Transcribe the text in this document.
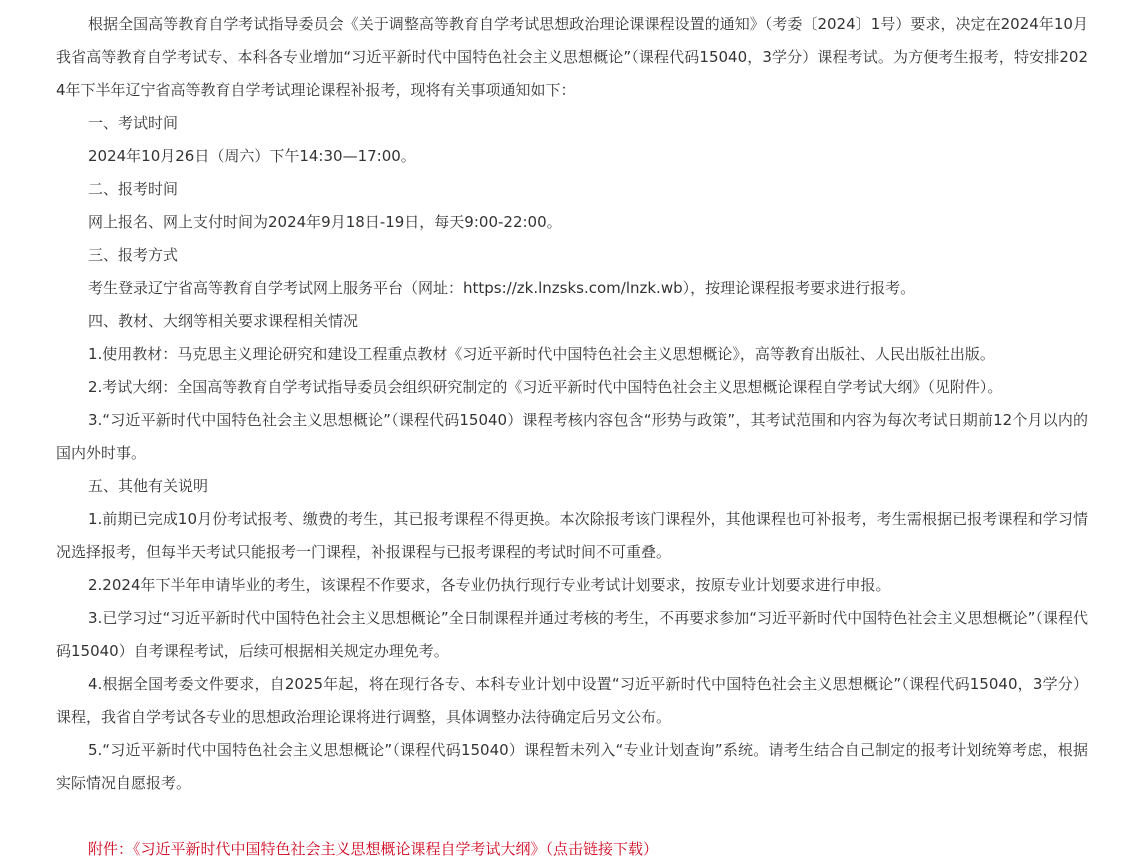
根据全国高等教育自学考试指导委员会《关于调整高等教育自学考试思想政治理论课课程设置的通知》（考委〔2024〕1号）要求，决定在2024年10月我省高等教育自学考试专、本科各专业增加“习近平新时代中国特色社会主义思想概论”（课程代码15040，3学分）课程考试。为方便考生报考，特安排2024年下半年辽宁省高等教育自学考试理论课程补报考，现将有关事项通知如下：

一、考试时间

2024年10月26日（周六）下午14:30—17:00。

二、报考时间

网上报名、网上支付时间为2024年9月18日-19日，每天9:00-22:00。

三、报考方式

考生登录辽宁省高等教育自学考试网上服务平台（网址：https://zk.lnzsks.com/lnzk.wb），按理论课程报考要求进行报考。

四、教材、大纲等相关要求课程相关情况

1.使用教材：马克思主义理论研究和建设工程重点教材《习近平新时代中国特色社会主义思想概论》，高等教育出版社、人民出版社出版。

2.考试大纲：全国高等教育自学考试指导委员会组织研究制定的《习近平新时代中国特色社会主义思想概论课程自学考试大纲》（见附件）。

3.“习近平新时代中国特色社会主义思想概论”（课程代码15040）课程考核内容包含“形势与政策”，其考试范围和内容为每次考试日期前12个月以内的国内外时事。

五、其他有关说明

1.前期已完成10月份考试报考、缴费的考生，其已报考课程不得更换。本次除报考该门课程外，其他课程也可补报考，考生需根据已报考课程和学习情况选择报考，但每半天考试只能报考一门课程，补报课程与已报考课程的考试时间不可重叠。

2.2024年下半年申请毕业的考生，该课程不作要求，各专业仍执行现行专业考试计划要求，按原专业计划要求进行申报。

3.已学习过“习近平新时代中国特色社会主义思想概论”全日制课程并通过考核的考生，不再要求参加“习近平新时代中国特色社会主义思想概论”（课程代码15040）自考课程考试，后续可根据相关规定办理免考。

4.根据全国考委文件要求，自2025年起，将在现行各专、本科专业计划中设置“习近平新时代中国特色社会主义思想概论”（课程代码15040，3学分）课程，我省自学考试各专业的思想政治理论课将进行调整，具体调整办法待确定后另文公布。

5.“习近平新时代中国特色社会主义思想概论”（课程代码15040）课程暂未列入“专业计划查询”系统。请考生结合自己制定的报考计划统筹考虑，根据实际情况自愿报考。

附件：《习近平新时代中国特色社会主义思想概论课程自学考试大纲》（点击链接下载）
